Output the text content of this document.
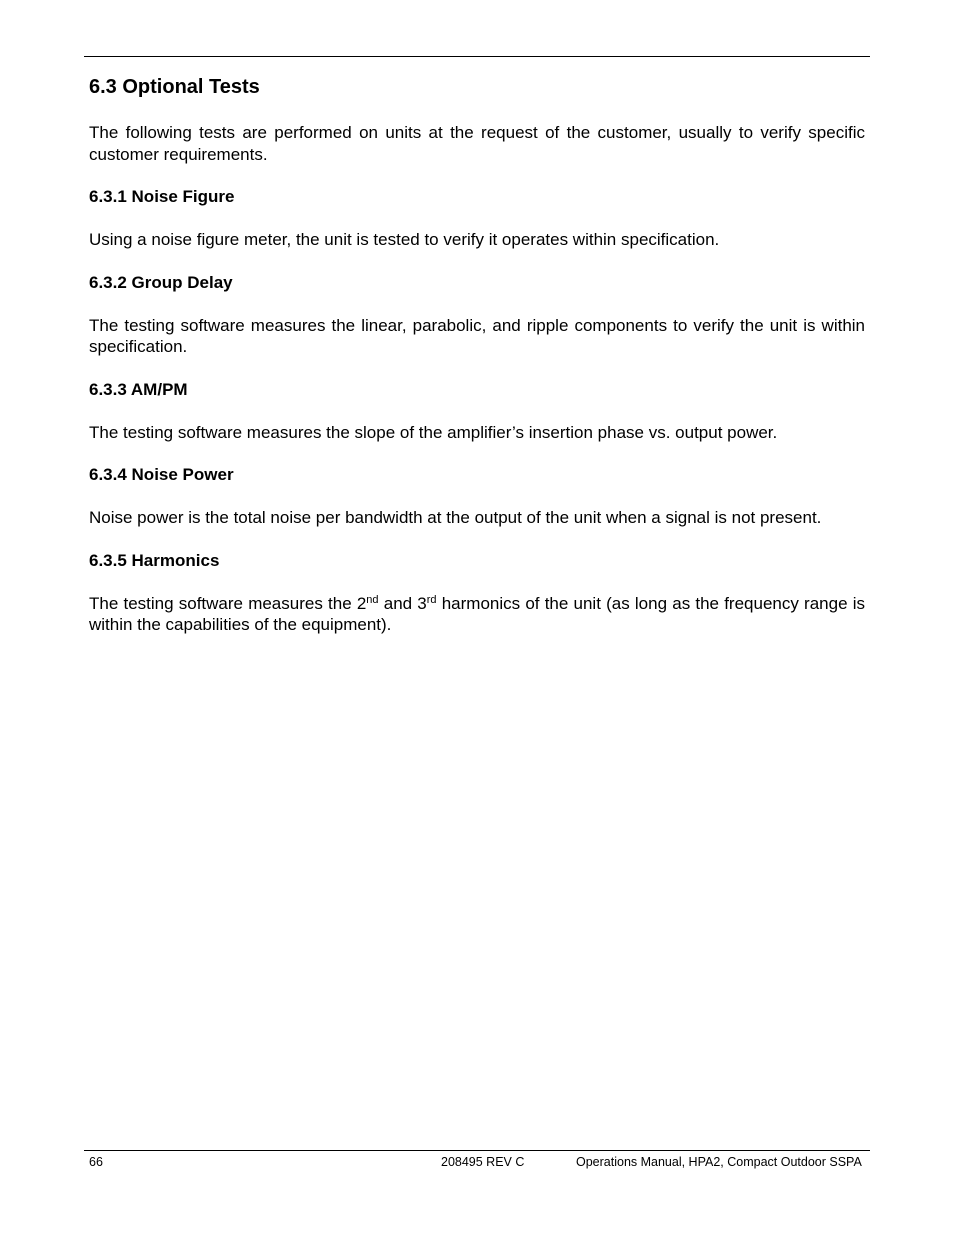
6.3 Optional Tests

The following tests are performed on units at the request of the customer, usually to verify specific customer requirements.

6.3.1 Noise Figure

Using a noise figure meter, the unit is tested to verify it operates within specification.

6.3.2 Group Delay

The testing software measures the linear, parabolic, and ripple components to verify the unit is within specification.

6.3.3 AM/PM

The testing software measures the slope of the amplifier’s insertion phase vs. output power.

6.3.4 Noise Power

Noise power is the total noise per bandwidth at the output of the unit when a signal is not present.

6.3.5 Harmonics

The testing software measures the 2nd and 3rd harmonics of the unit (as long as the frequency range is within the capabilities of the equipment).

66	208495 REV C	Operations Manual, HPA2, Compact Outdoor SSPA
